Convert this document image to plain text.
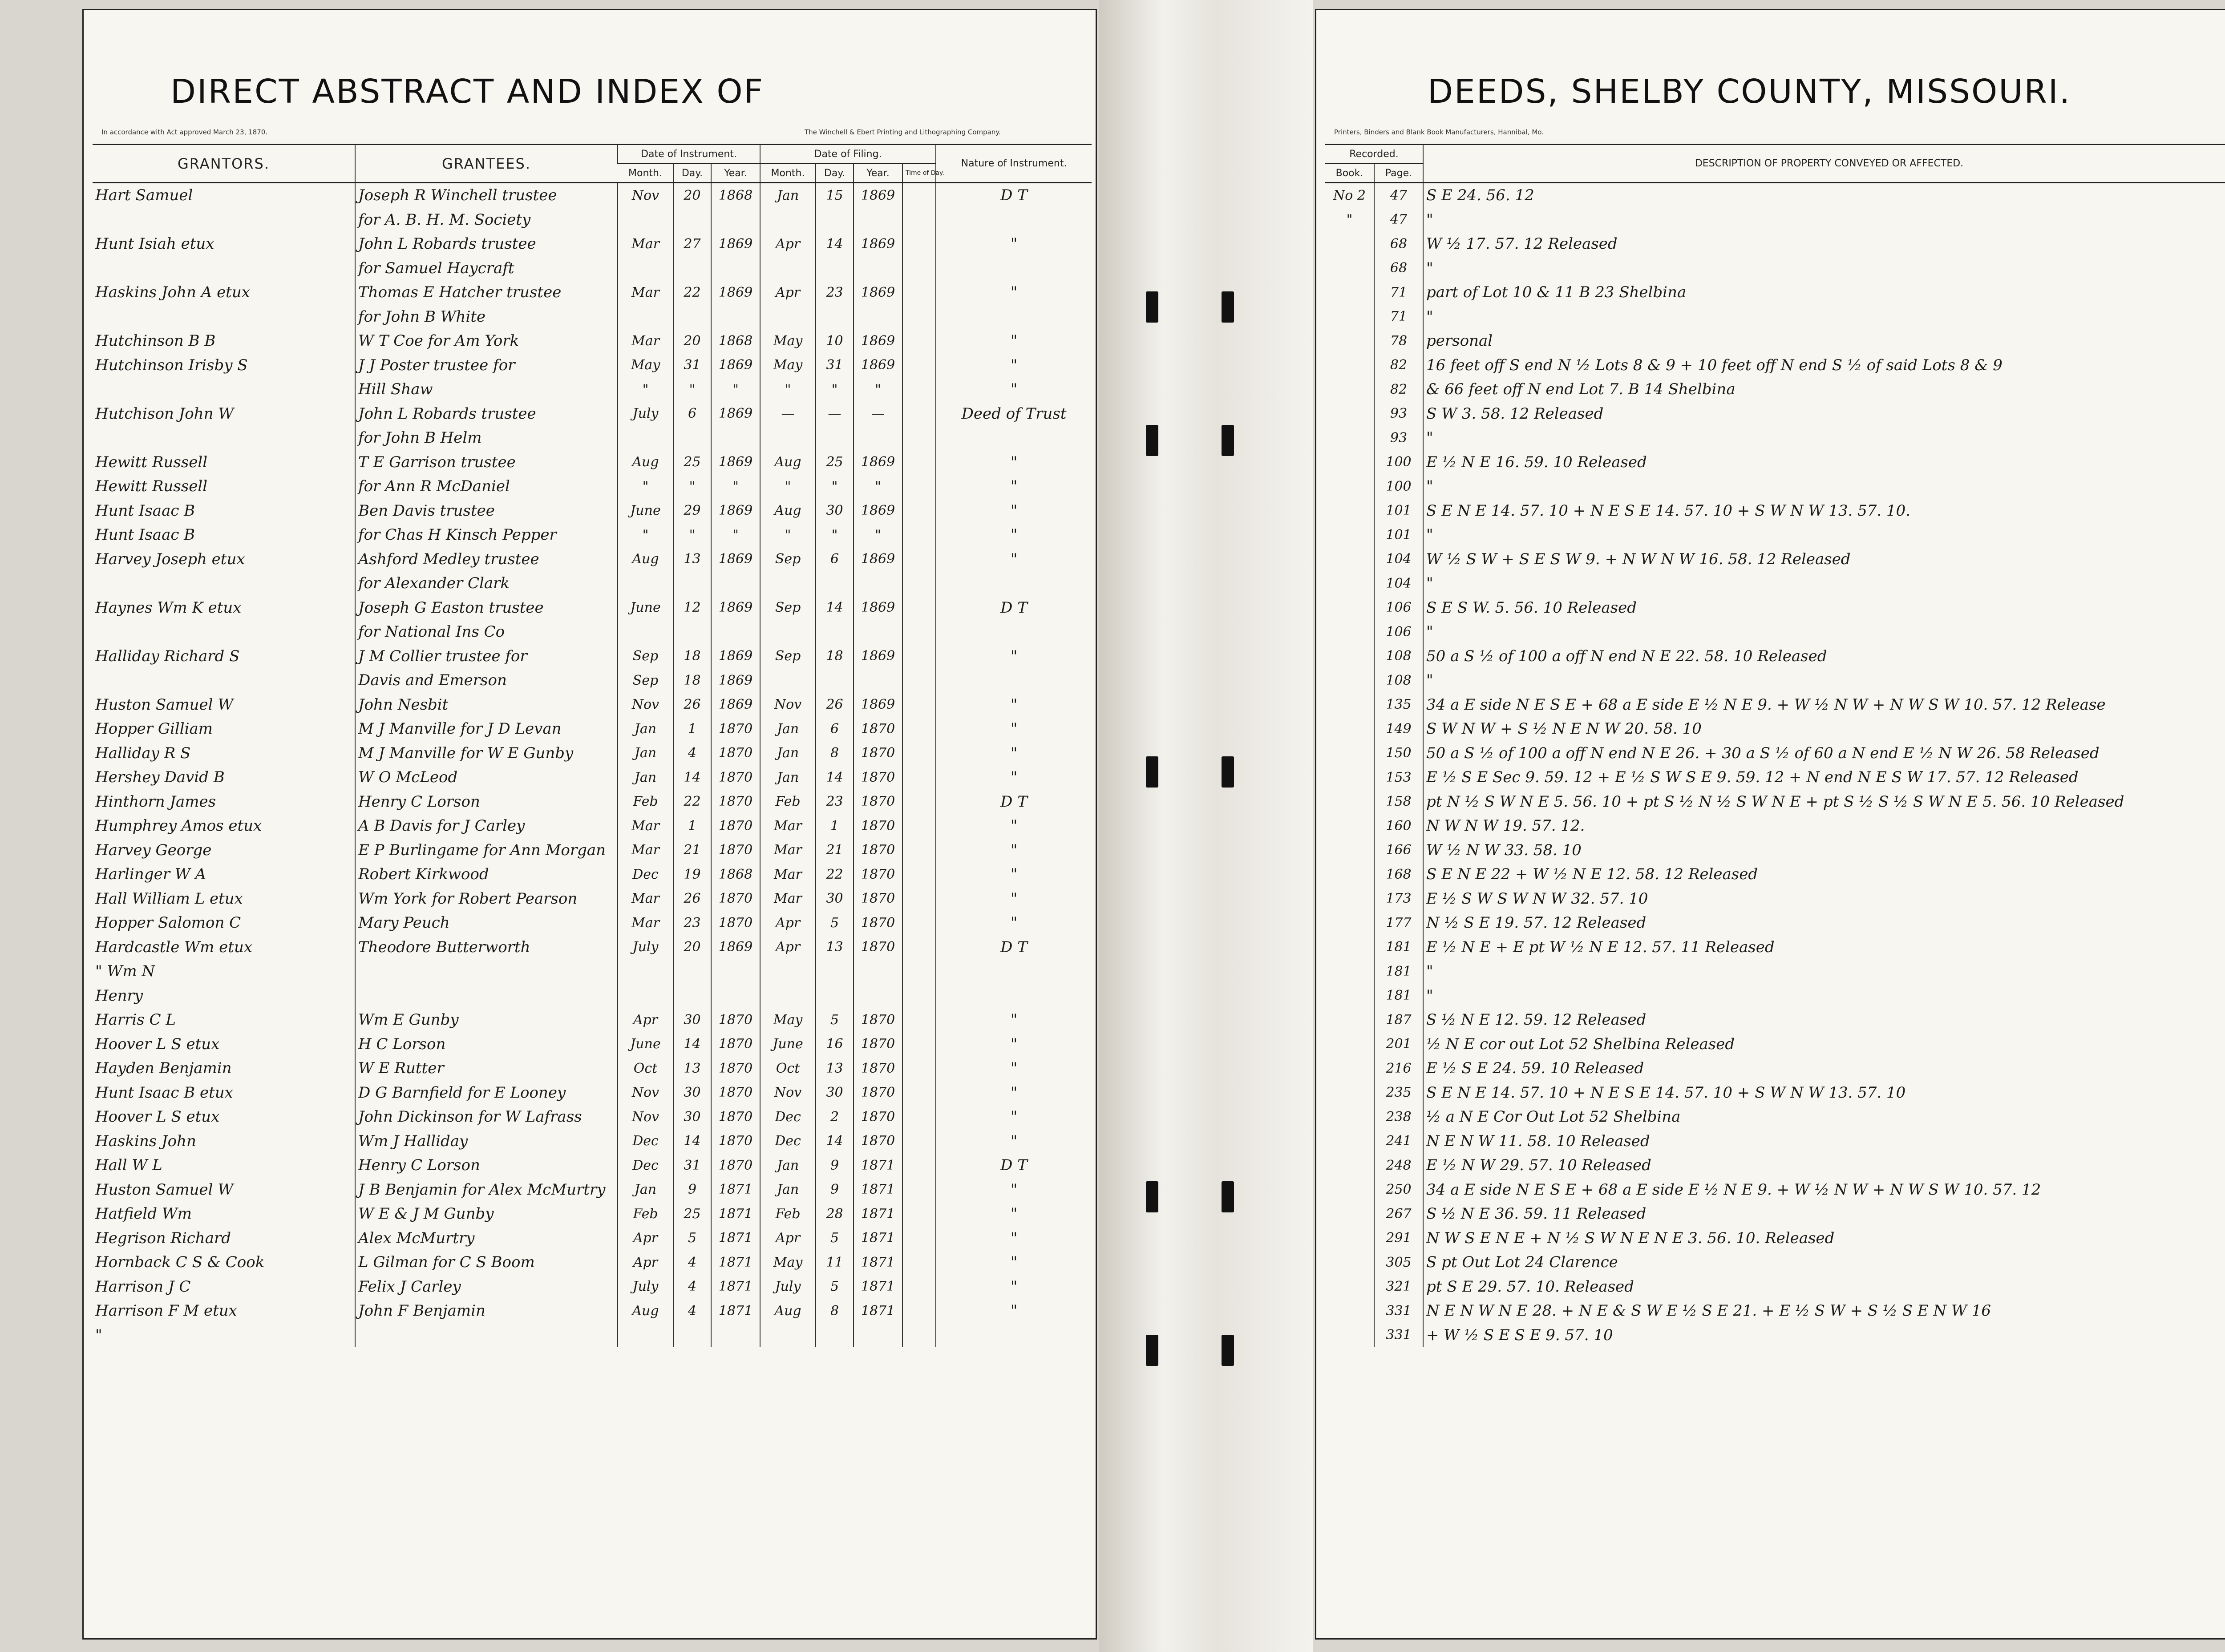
DIRECT ABSTRACT AND INDEX OF
In accordance with Act approved March 23, 1870.	The Winchell & Ebert Printing and Lithographing Company.
GRANTORS.	GRANTEES.	Date of Instrument.			Date of Filing.				Nature of Instrument.
		Month.	Day.	Year.	Month.	Day.	Year.	Time of Day.	
Hart Samuel	Joseph R Winchell trustee	Nov	20	1868	Jan	15	1869		D T
	for A. B. H. M. Society								
Hunt Isiah etux	John L Robards trustee	Mar	27	1869	Apr	14	1869		"
	for Samuel Haycraft								
Haskins John A etux	Thomas E Hatcher trustee	Mar	22	1869	Apr	23	1869		"
	for John B White								
Hutchinson B B	W T Coe for Am York	Mar	20	1868	May	10	1869		"
Hutchinson Irisby S	J J Poster trustee for	May	31	1869	May	31	1869		"
	Hill Shaw	"	"	"	"	"	"		"
Hutchison John W	John L Robards trustee	July	6	1869	—	—	—		Deed of Trust
	for John B Helm								
Hewitt Russell	T E Garrison trustee	Aug	25	1869	Aug	25	1869		"
Hewitt Russell	for Ann R McDaniel	"	"	"	"	"	"		"
Hunt Isaac B	Ben Davis trustee	June	29	1869	Aug	30	1869		"
Hunt Isaac B	for Chas H Kinsch Pepper	"	"	"	"	"	"		"
Harvey Joseph etux	Ashford Medley trustee	Aug	13	1869	Sep	6	1869		"
	for Alexander Clark								
Haynes Wm K etux	Joseph G Easton trustee	June	12	1869	Sep	14	1869		D T
	for National Ins Co								
Halliday Richard S	J M Collier trustee for	Sep	18	1869	Sep	18	1869		"
	Davis and Emerson	Sep	18	1869					
Huston Samuel W	John Nesbit	Nov	26	1869	Nov	26	1869		"
Hopper Gilliam	M J Manville for J D Levan	Jan	1	1870	Jan	6	1870		"
Halliday R S	M J Manville for W E Gunby	Jan	4	1870	Jan	8	1870		"
Hershey David B	W O McLeod	Jan	14	1870	Jan	14	1870		"
Hinthorn James	Henry C Lorson	Feb	22	1870	Feb	23	1870		D T
Humphrey Amos etux	A B Davis for J Carley	Mar	1	1870	Mar	1	1870		"
Harvey George	E P Burlingame for Ann Morgan	Mar	21	1870	Mar	21	1870		"
Harlinger W A	Robert Kirkwood	Dec	19	1868	Mar	22	1870		"
Hall William L etux	Wm York for Robert Pearson	Mar	26	1870	Mar	30	1870		"
Hopper Salomon C	Mary Peuch	Mar	23	1870	Apr	5	1870		"
Hardcastle Wm etux	Theodore Butterworth	July	20	1869	Apr	13	1870		D T
" Wm N									
Henry									
Harris C L	Wm E Gunby	Apr	30	1870	May	5	1870		"
Hoover L S etux	H C Lorson	June	14	1870	June	16	1870		"
Hayden Benjamin	W E Rutter	Oct	13	1870	Oct	13	1870		"
Hunt Isaac B etux	D G Barnfield for E Looney	Nov	30	1870	Nov	30	1870		"
Hoover L S etux	John Dickinson for W Lafrass	Nov	30	1870	Dec	2	1870		"
Haskins John	Wm J Halliday	Dec	14	1870	Dec	14	1870		"
Hall W L	Henry C Lorson	Dec	31	1870	Jan	9	1871		D T
Huston Samuel W	J B Benjamin for Alex McMurtry	Jan	9	1871	Jan	9	1871		"
Hatfield Wm	W E & J M Gunby	Feb	25	1871	Feb	28	1871		"
Hegrison Richard	Alex McMurtry	Apr	5	1871	Apr	5	1871		"
Hornback C S & Cook	L Gilman for C S Boom	Apr	4	1871	May	11	1871		"
Harrison J C	Felix J Carley	July	4	1871	July	5	1871		"
Harrison F M etux	John F Benjamin	Aug	4	1871	Aug	8	1871		"
"									
DEEDS, SHELBY COUNTY, MISSOURI.
Printers, Binders and Blank Book Manufacturers, Hannibal, Mo.
Recorded.		DESCRIPTION OF PROPERTY CONVEYED OR AFFECTED.			
Book.	Page.				
No 2	47	S E 24. 56. 12			
"	47	"			
	68	W ½ 17. 57. 12 Released			
	68	"			
	71	part of Lot 10 & 11 B 23 Shelbina			
	71	"			
	78	personal			
	82	16 feet off S end N ½ Lots 8 & 9 + 10 feet off N end S ½ of said Lots 8 & 9			
	82	& 66 feet off N end Lot 7. B 14 Shelbina			
	93	S W 3. 58. 12 Released			
	93	"			
	100	E ½ N E 16. 59. 10 Released			
	100	"			
	101	S E N E 14. 57. 10 + N E S E 14. 57. 10 + S W N W 13. 57. 10.			
	101	"			
	104	W ½ S W + S E S W 9. + N W N W 16. 58. 12 Released			
	104	"			
	106	S E S W. 5. 56. 10 Released			
	106	"			
	108	50 a S ½ of 100 a off N end N E 22. 58. 10 Released			
	108	"			
	135	34 a E side N E S E + 68 a E side E ½ N E 9. + W ½ N W + N W S W 10. 57. 12 Release			
	149	S W N W + S ½ N E N W 20. 58. 10			
	150	50 a S ½ of 100 a off N end N E 26. + 30 a S ½ of 60 a N end E ½ N W 26. 58 Released			
	153	E ½ S E Sec 9. 59. 12 + E ½ S W S E 9. 59. 12 + N end N E S W 17. 57. 12 Released			
	158	pt N ½ S W N E 5. 56. 10 + pt S ½ N ½ S W N E + pt S ½ S ½ S W N E 5. 56. 10 Released			
	160	N W N W 19. 57. 12.			
	166	W ½ N W 33. 58. 10			
	168	S E N E 22 + W ½ N E 12. 58. 12 Released			
	173	E ½ S W S W N W 32. 57. 10			
	177	N ½ S E 19. 57. 12 Released			
	181	E ½ N E + E pt W ½ N E 12. 57. 11 Released			
	181	"			
	181	"			
	187	S ½ N E 12. 59. 12 Released			
	201	½ N E cor out Lot 52 Shelbina Released			
	216	E ½ S E 24. 59. 10 Released			
	235	S E N E 14. 57. 10 + N E S E 14. 57. 10 + S W N W 13. 57. 10			
	238	½ a N E Cor Out Lot 52 Shelbina			
	241	N E N W 11. 58. 10 Released			
	248	E ½ N W 29. 57. 10 Released			
	250	34 a E side N E S E + 68 a E side E ½ N E 9. + W ½ N W + N W S W 10. 57. 12			
	267	S ½ N E 36. 59. 11 Released			
	291	N W S E N E + N ½ S W N E N E 3. 56. 10. Released			
	305	S pt Out Lot 24 Clarence			
	321	pt S E 29. 57. 10. Released			
	331	N E N W N E 28. + N E & S W E ½ S E 21. + E ½ S W + S ½ S E N W 16			
	331	+ W ½ S E S E 9. 57. 10			
